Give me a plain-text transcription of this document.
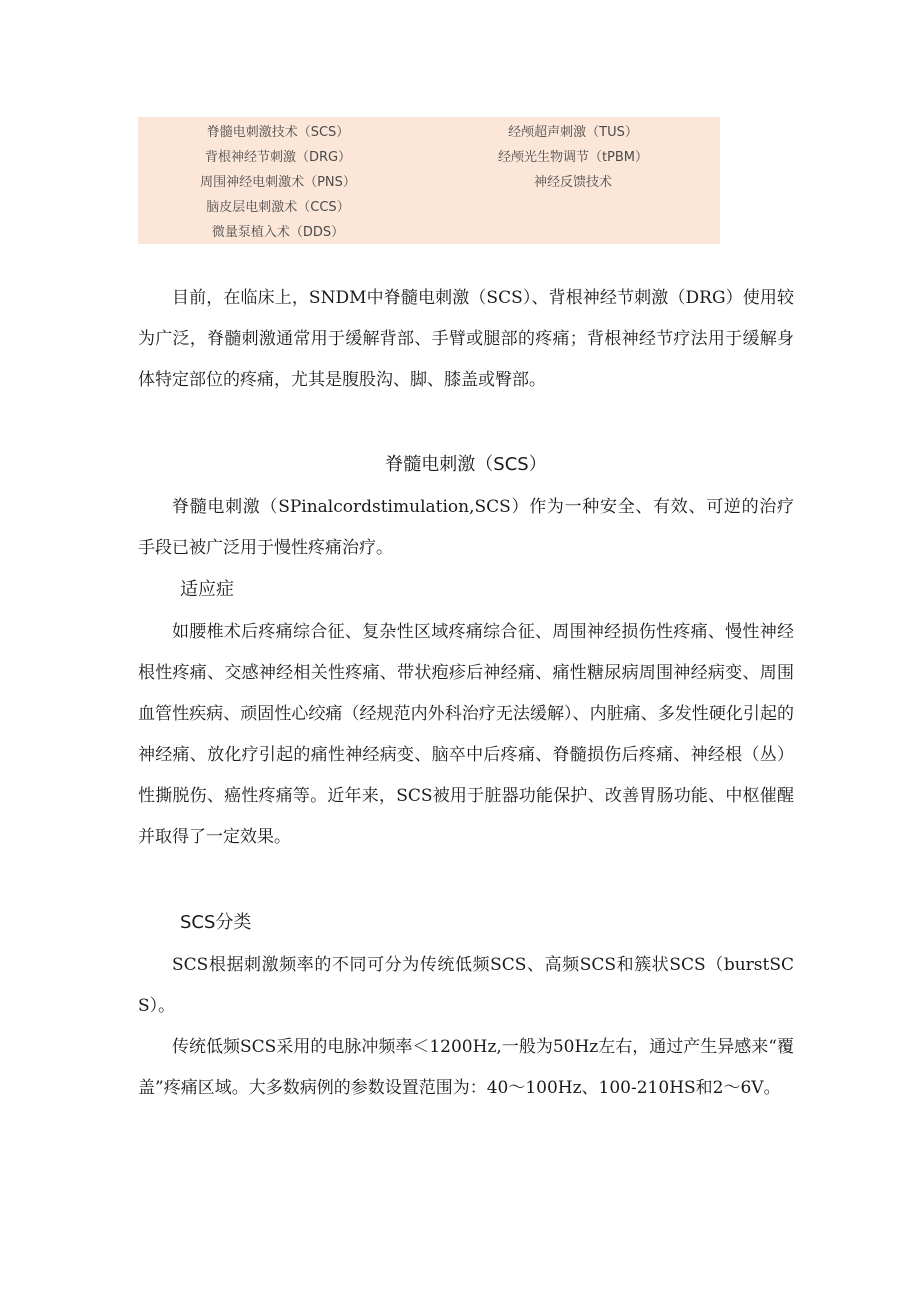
脊髓电刺激技术（SCS）
背根神经节刺激（DRG）
周围神经电刺激术（PNS）
脑皮层电刺激术（CCS）
微量泵植入术（DDS）
经颅超声刺激（TUS）
经颅光生物调节（tPBM）
神经反馈技术

目前，在临床上，SNDM中脊髓电刺激（SCS）、背根神经节刺激（DRG）使用较为广泛，脊髓刺激通常用于缓解背部、手臂或腿部的疼痛；背根神经节疗法用于缓解身体特定部位的疼痛，尤其是腹股沟、脚、膝盖或臀部。

脊髓电刺激（SCS）

脊髓电刺激（SPinalcordstimulation,SCS）作为一种安全、有效、可逆的治疗手段已被广泛用于慢性疼痛治疗。

适应症

如腰椎术后疼痛综合征、复杂性区域疼痛综合征、周围神经损伤性疼痛、慢性神经根性疼痛、交感神经相关性疼痛、带状疱疹后神经痛、痛性糖尿病周围神经病变、周围血管性疾病、顽固性心绞痛（经规范内外科治疗无法缓解）、内脏痛、多发性硬化引起的神经痛、放化疗引起的痛性神经病变、脑卒中后疼痛、脊髓损伤后疼痛、神经根（丛）性撕脱伤、癌性疼痛等。近年来，SCS被用于脏器功能保护、改善胃肠功能、中枢催醒并取得了一定效果。

SCS分类

SCS根据刺激频率的不同可分为传统低频SCS、高频SCS和簇状SCS（burstSCS）。

传统低频SCS采用的电脉冲频率＜1200Hz,一般为50Hz左右，通过产生异感来“覆盖”疼痛区域。大多数病例的参数设置范围为：40～100Hz、100-210HS和2～6V。
